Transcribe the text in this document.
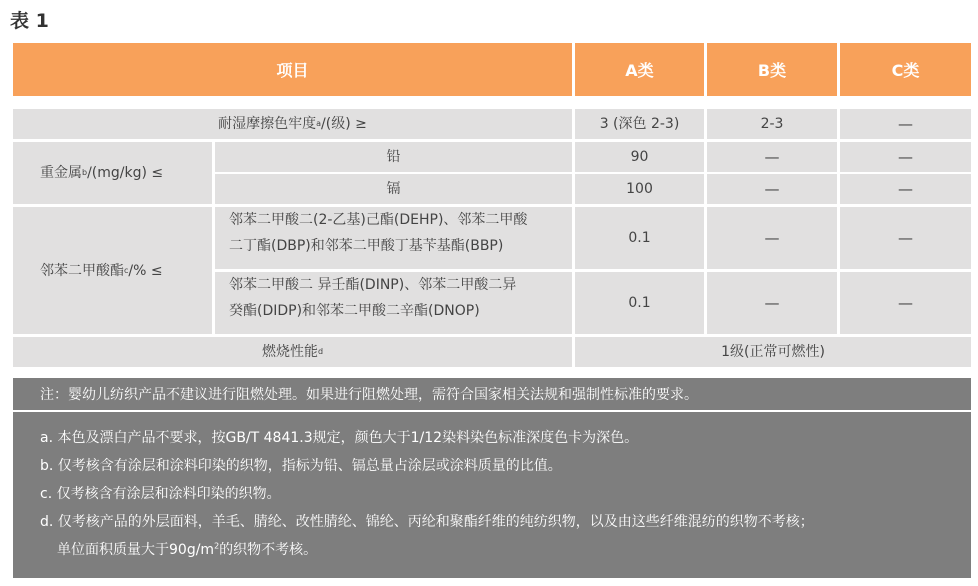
表 1
项目	A类	B类	C类
耐湿摩擦色牢度 a /(级) ≥	3 (深色 2-3)	2-3	—
重金属 b /(mg/kg) ≤
铅	90	—	—
镉	100	—	—
邻苯二甲酸酯 c /% ≤
邻苯二甲酸二(2-乙基)己酯(DEHP)、邻苯二甲酸
二丁酯(DBP)和邻苯二甲酸丁基苄基酯(BBP)	0.1	—	—
邻苯二甲酸二 异壬酯(DINP)、邻苯二甲酸二异
癸酯(DIDP)和邻苯二甲酸二辛酯(DNOP)	0.1	—	—
燃烧性能 d	1级(正常可燃性)
注：婴幼儿纺织产品不建议进行阻燃处理。如果进行阻燃处理，需符合国家相关法规和强制性标准的要求。
a. 本色及漂白产品不要求，按GB/T 4841.3规定，颜色大于1/12染料染色标准深度色卡为深色。
b. 仅考核含有涂层和涂料印染的织物，指标为铅、镉总量占涂层或涂料质量的比值。
c. 仅考核含有涂层和涂料印染的织物。
d. 仅考核产品的外层面料，羊毛、腈纶、改性腈纶、锦纶、丙纶和聚酯纤维的纯纺织物，以及由这些纤维混纺的织物不考核；
单位面积质量大于$90g/m^2$的织物不考核。
